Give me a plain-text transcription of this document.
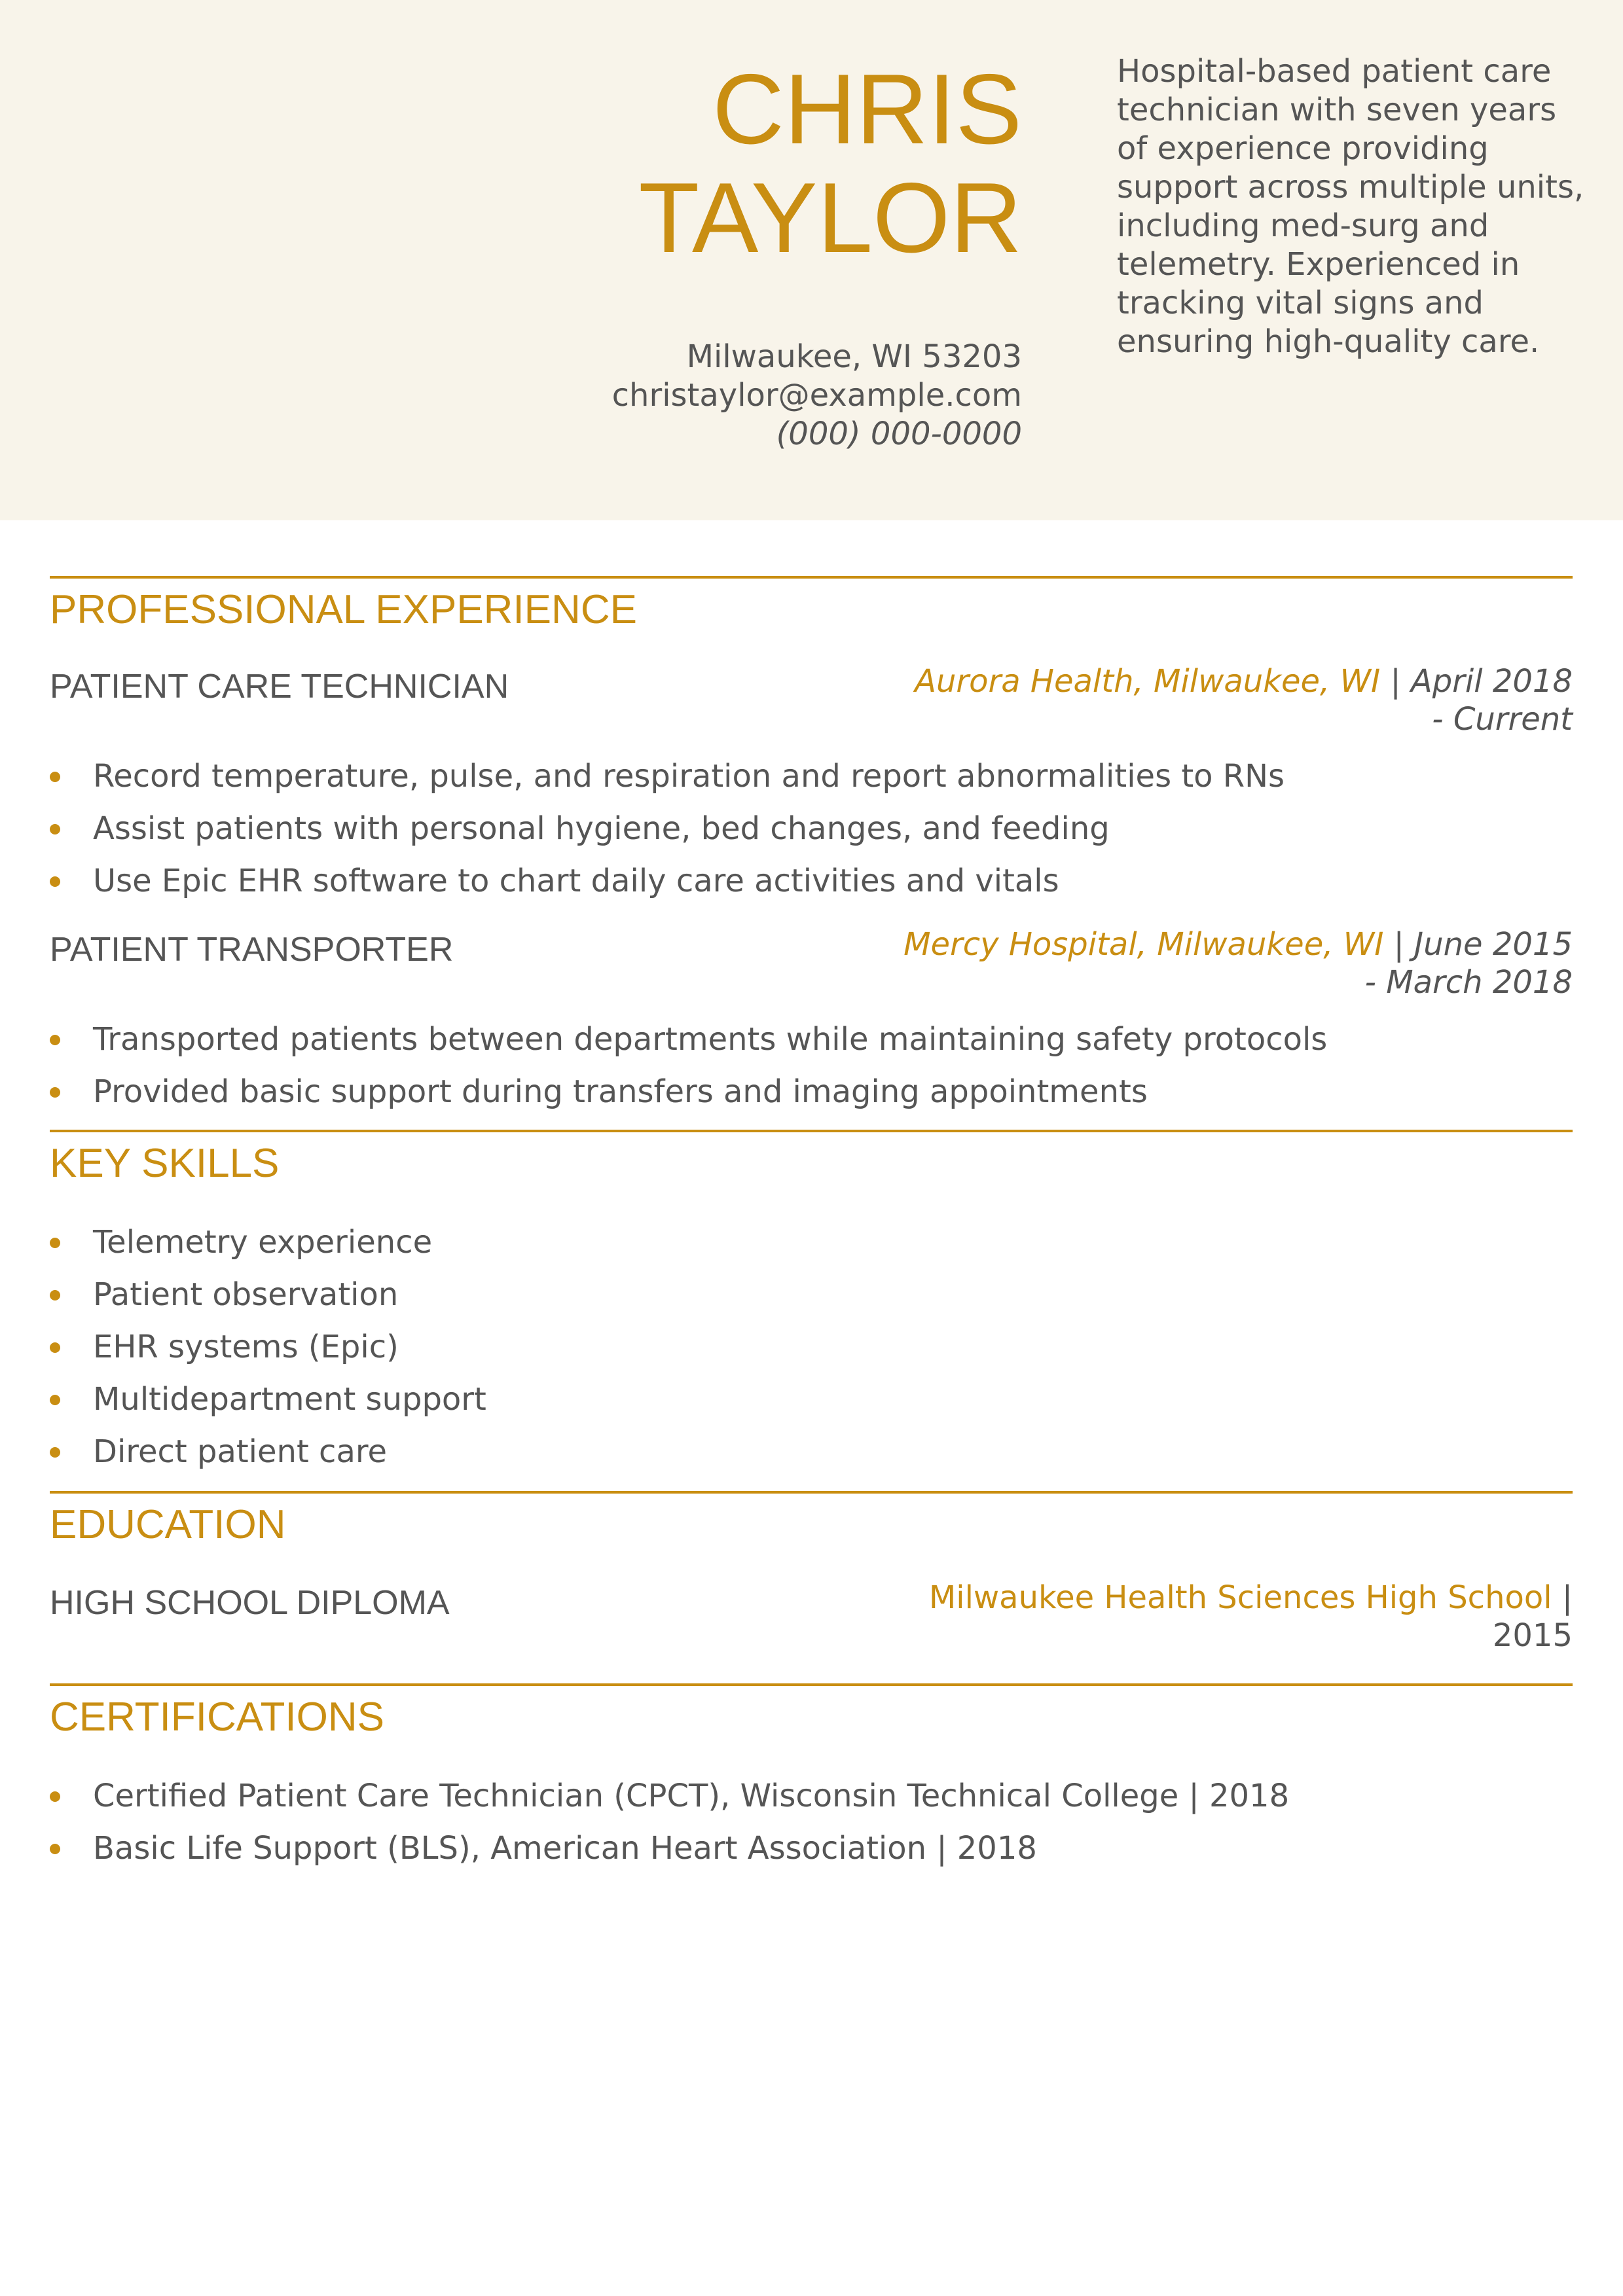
CHRIS
TAYLOR
Milwaukee, WI 53203
christaylor@example.com
(000) 000-0000
Hospital-based patient care technician with seven years of experience providing support across multiple units, including med-surg and telemetry. Experienced in tracking vital signs and ensuring high-quality care.
PROFESSIONAL EXPERIENCE
PATIENT CARE TECHNICIAN	Aurora Health, Milwaukee, WI | April 2018
- Current
Record temperature, pulse, and respiration and report abnormalities to RNs
Assist patients with personal hygiene, bed changes, and feeding
Use Epic EHR software to chart daily care activities and vitals
PATIENT TRANSPORTER	Mercy Hospital, Milwaukee, WI | June 2015
- March 2018
Transported patients between departments while maintaining safety protocols
Provided basic support during transfers and imaging appointments
KEY SKILLS
Telemetry experience
Patient observation
EHR systems (Epic)
Multidepartment support
Direct patient care
EDUCATION
HIGH SCHOOL DIPLOMA	Milwaukee Health Sciences High School |
2015
CERTIFICATIONS
Certified Patient Care Technician (CPCT), Wisconsin Technical College | 2018
Basic Life Support (BLS), American Heart Association | 2018
